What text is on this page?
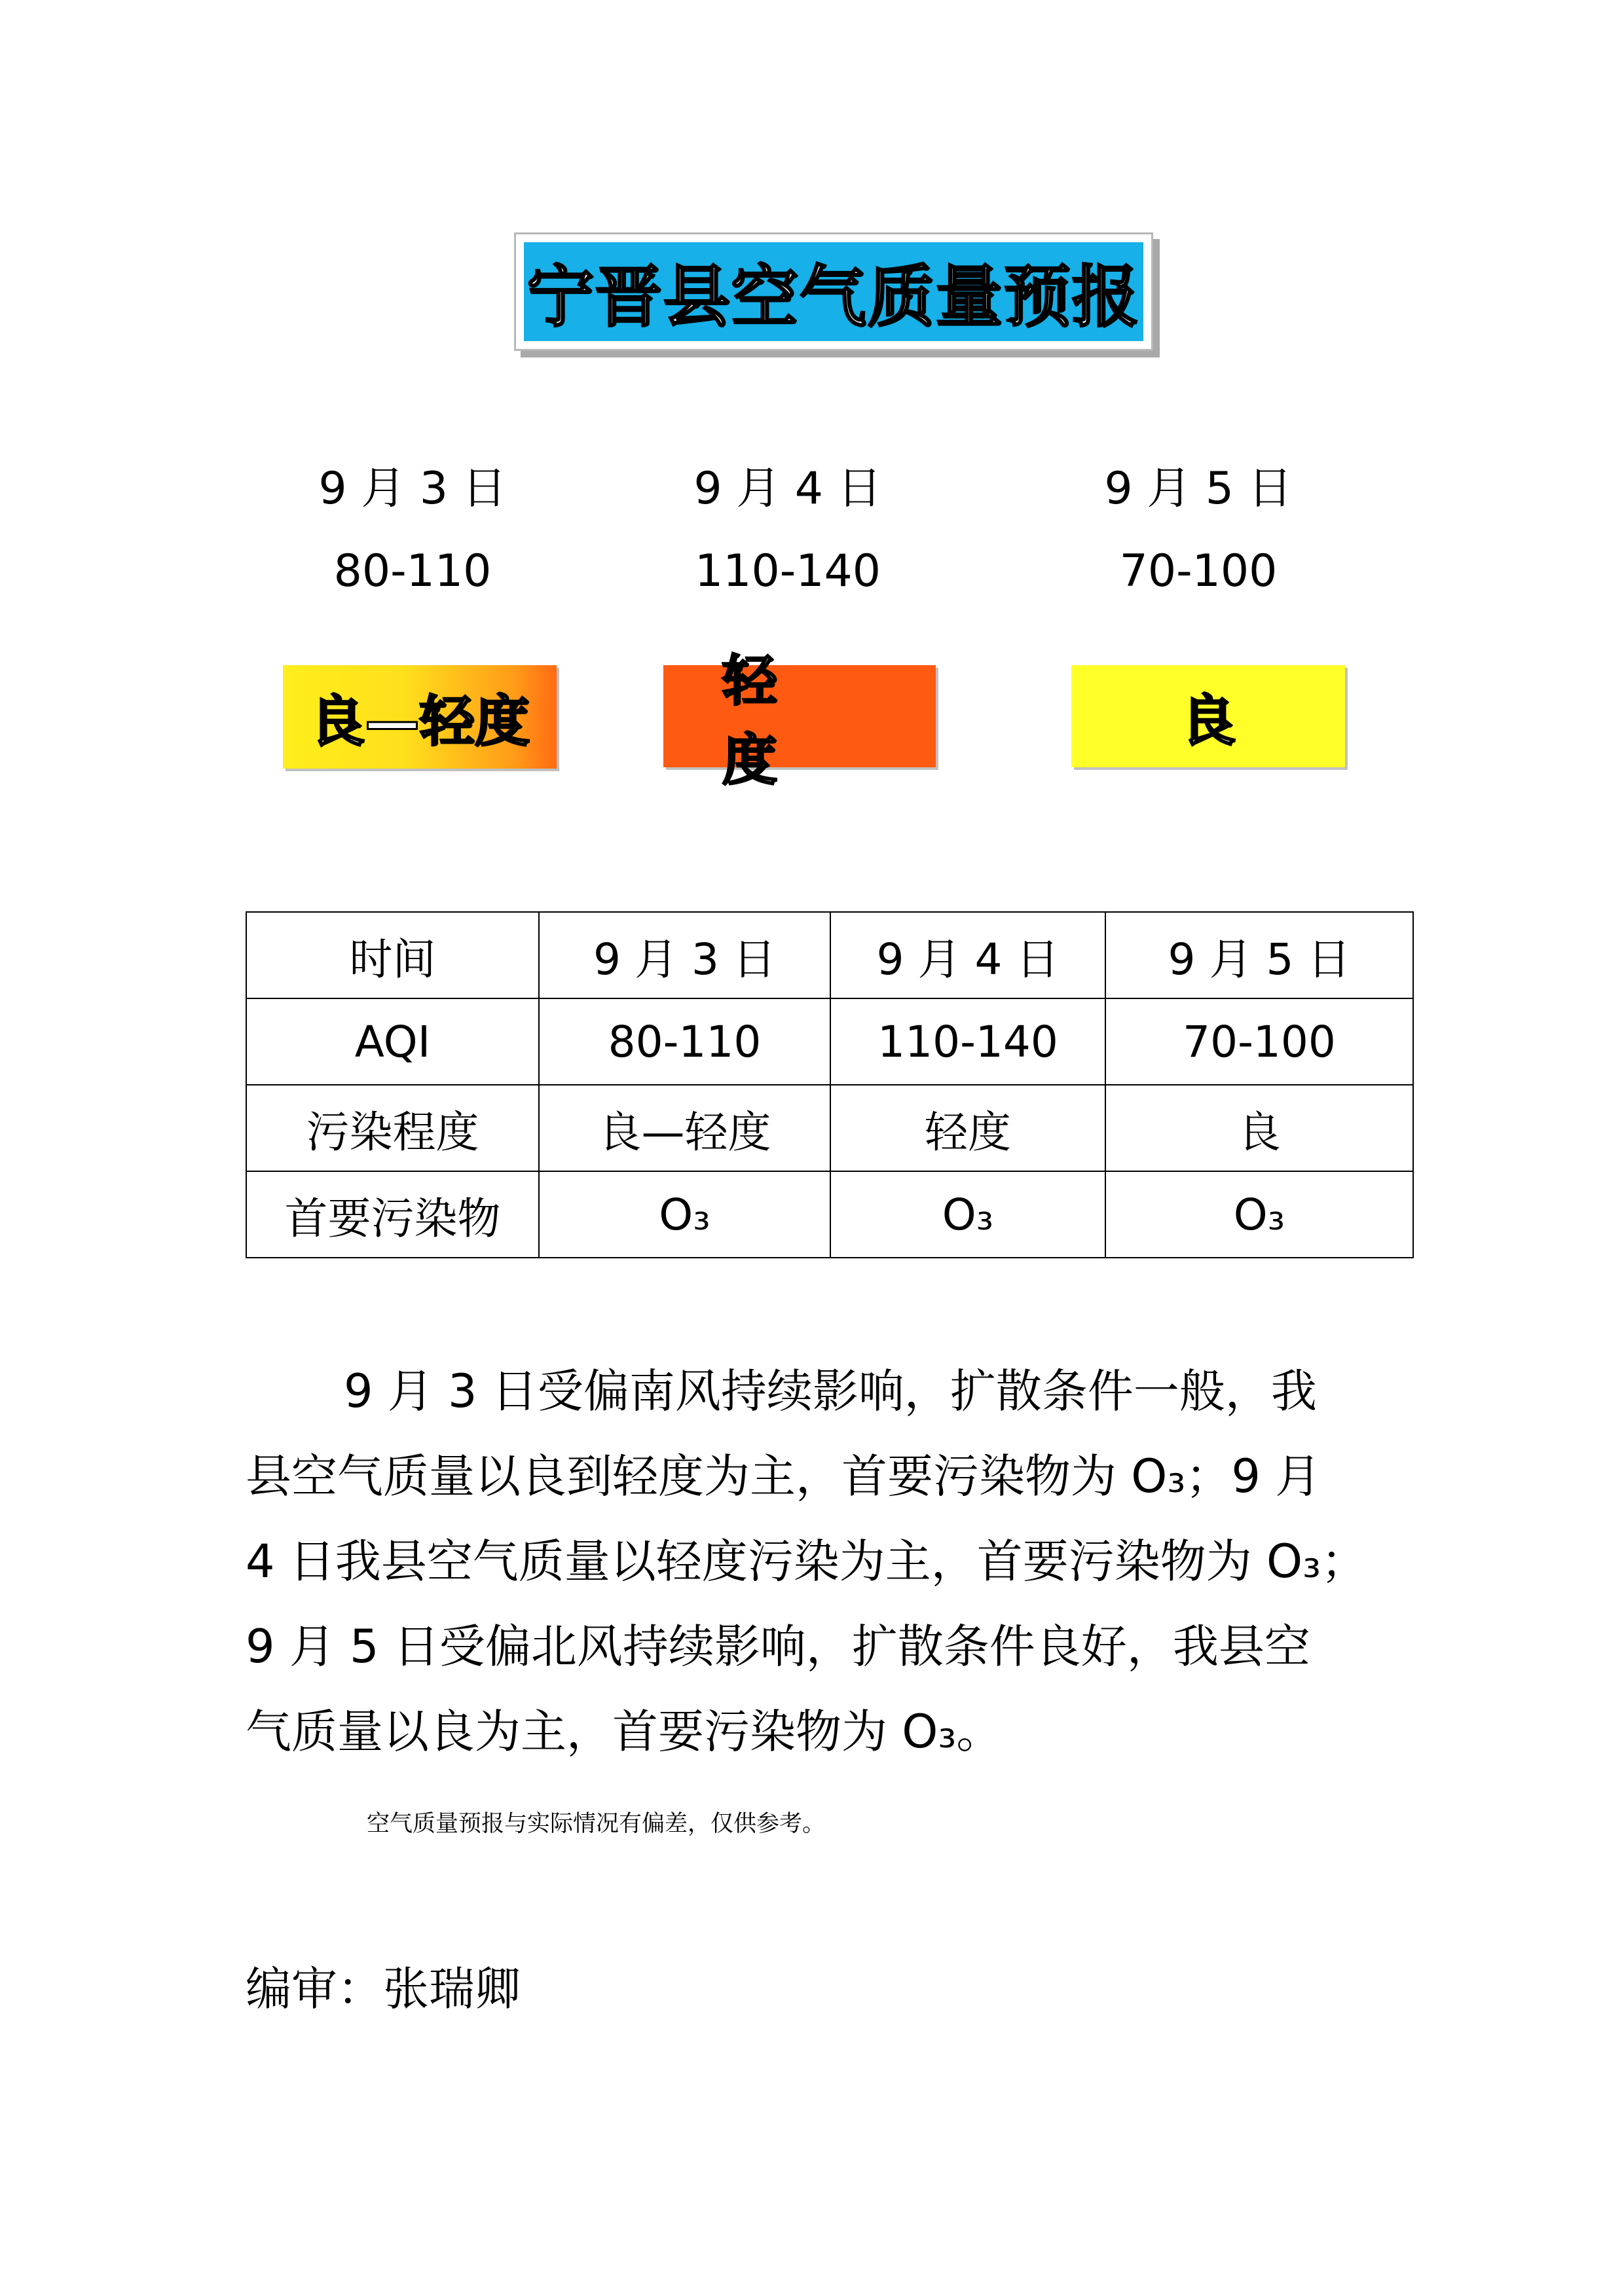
宁晋县空气质量预报
9 月 3 日
80-110
9 月 4 日
110-140
9 月 5 日
70-100
良—轻度
轻 度
良
时间	9 月 3 日	9 月 4 日	9 月 5 日
AQI	80-110	110-140	70-100
污染程度	良—轻度	轻度	良
首要污染物	O₃	O₃	O₃
9 月 3 日受偏南风持续影响，扩散条件一般，我
县空气质量以良到轻度为主，首要污染物为 O₃；9 月
4 日我县空气质量以轻度污染为主，首要污染物为 O₃；
9 月 5 日受偏北风持续影响，扩散条件良好，我县空
气质量以良为主，首要污染物为 O₃。
空气质量预报与实际情况有偏差，仅供参考。
编审：张瑞卿
